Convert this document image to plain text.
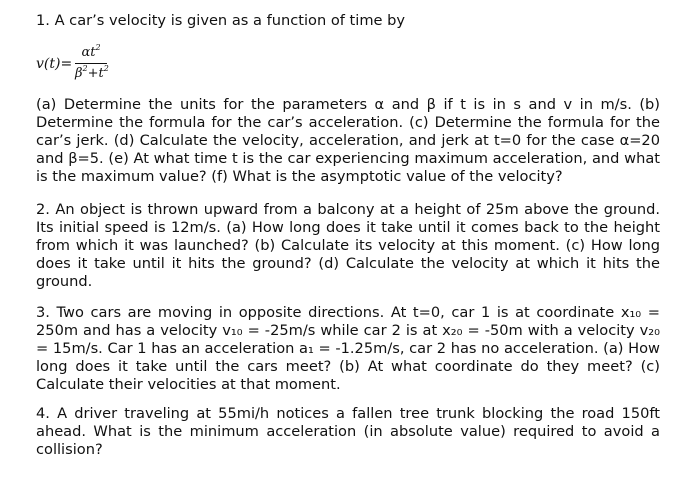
1. A car’s velocity is given as a function of time by
v(t)=
$\alpha t^2$
$\beta^2+t^2$
(a) Determine the units for the parameters α and β if t is in s and v in m/s. (b) Determine the formula for the car’s acceleration. (c) Determine the formula for the car’s jerk. (d) Calculate the velocity, acceleration, and jerk at t=0 for the case α=20 and β=5. (e) At what time t is the car experiencing maximum acceleration, and what is the maximum value? (f) What is the asymptotic value of the velocity?
2. An object is thrown upward from a balcony at a height of 25m above the ground. Its initial speed is 12m/s. (a) How long does it take until it comes back to the height from which it was launched? (b) Calculate its velocity at this moment. (c) How long does it take until it hits the ground? (d) Calculate the velocity at which it hits the ground.
3. Two cars are moving in opposite directions. At t=0, car 1 is at coordinate x₁₀ = 250m and has a velocity v₁₀ = -25m/s while car 2 is at x₂₀ = -50m with a velocity v₂₀ = 15m/s. Car 1 has an acceleration a₁ = -1.25m/s, car 2 has no acceleration. (a) How long does it take until the cars meet? (b) At what coordinate do they meet? (c) Calculate their velocities at that moment.
4. A driver traveling at 55mi/h notices a fallen tree trunk blocking the road 150ft ahead. What is the minimum acceleration (in absolute value) required to avoid a collision?
